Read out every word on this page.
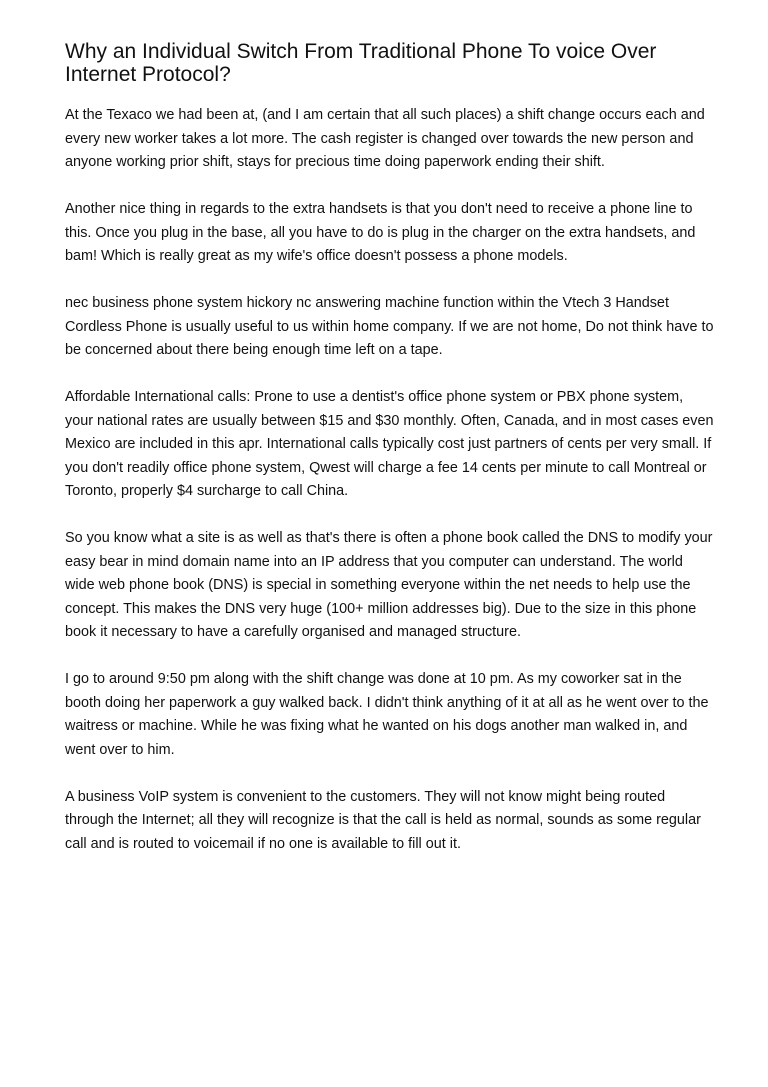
Why an Individual Switch From Traditional Phone To voice Over Internet Protocol?

At the Texaco we had been at, (and I am certain that all such places) a shift change occurs each and every new worker takes a lot more. The cash register is changed over towards the new person and anyone working prior shift, stays for precious time doing paperwork ending their shift.

Another nice thing in regards to the extra handsets is that you don't need to receive a phone line to this. Once you plug in the base, all you have to do is plug in the charger on the extra handsets, and bam! Which is really great as my wife's office doesn't possess a phone models.

nec business phone system hickory nc answering machine function within the Vtech 3 Handset Cordless Phone is usually useful to us within home company. If we are not home, Do not think have to be concerned about there being enough time left on a tape.

Affordable International calls: Prone to use a dentist's office phone system or PBX phone system, your national rates are usually between $15 and $30 monthly. Often, Canada, and in most cases even Mexico are included in this apr. International calls typically cost just partners of cents per very small. If you don't readily office phone system, Qwest will charge a fee 14 cents per minute to call Montreal or Toronto, properly $4 surcharge to call China.

So you know what a site is as well as that's there is often a phone book called the DNS to modify your easy bear in mind domain name into an IP address that you computer can understand. The world wide web phone book (DNS) is special in something everyone within the net needs to help use the concept. This makes the DNS very huge (100+ million addresses big). Due to the size in this phone book it necessary to have a carefully organised and managed structure.

I go to around 9:50 pm along with the shift change was done at 10 pm. As my coworker sat in the booth doing her paperwork a guy walked back. I didn't think anything of it at all as he went over to the waitress or machine. While he was fixing what he wanted on his dogs another man walked in, and went over to him.

A business VoIP system is convenient to the customers. They will not know might being routed through the Internet; all they will recognize is that the call is held as normal, sounds as some regular call and is routed to voicemail if no one is available to fill out it.
